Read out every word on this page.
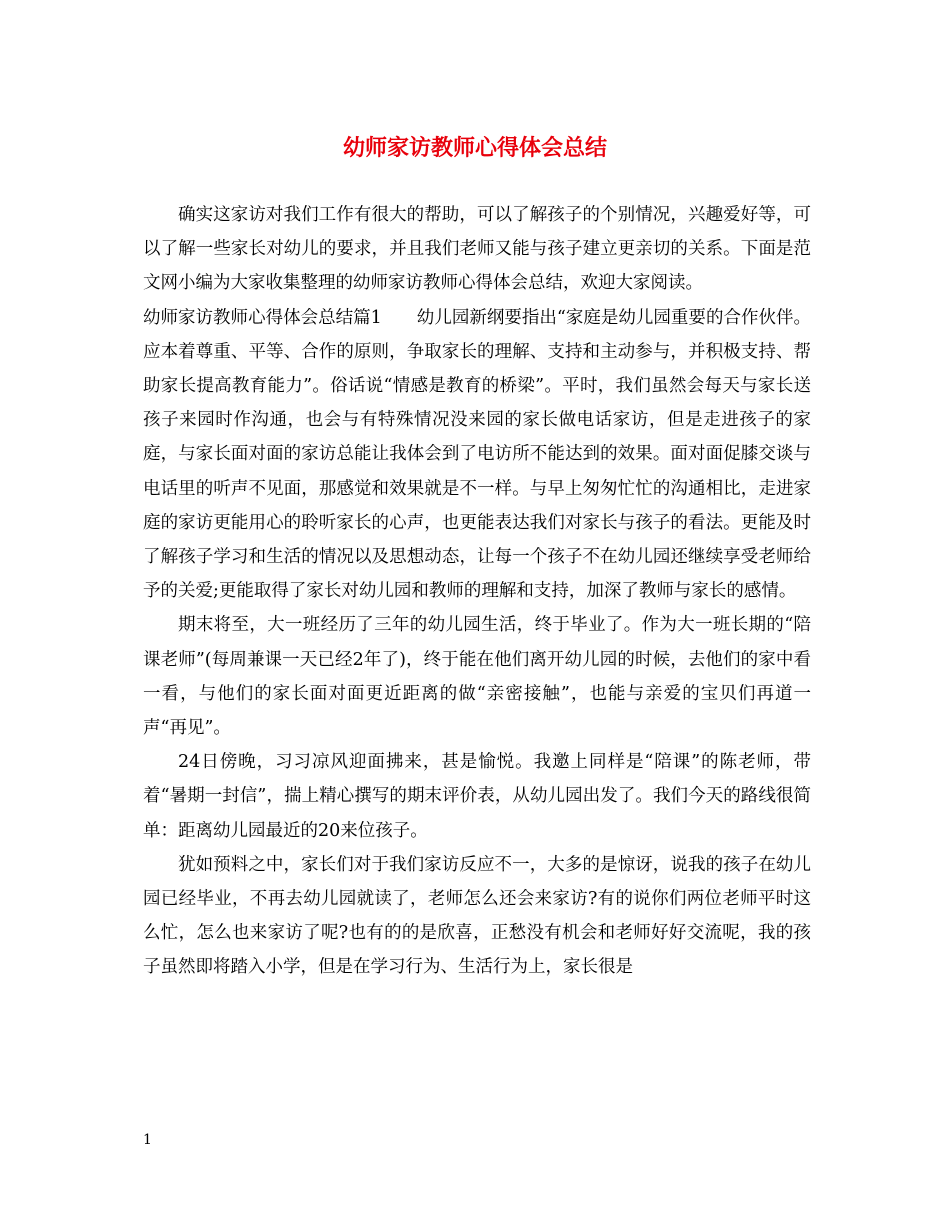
幼师家访教师心得体会总结

确实这家访对我们工作有很大的帮助，可以了解孩子的个别情况，兴趣爱好等，可以了解一些家长对幼儿的要求，并且我们老师又能与孩子建立更亲切的关系。下面是范文网小编为大家收集整理的幼师家访教师心得体会总结，欢迎大家阅读。

幼师家访教师心得体会总结篇1　　幼儿园新纲要指出“家庭是幼儿园重要的合作伙伴。应本着尊重、平等、合作的原则，争取家长的理解、支持和主动参与，并积极支持、帮助家长提高教育能力”。俗话说“情感是教育的桥梁”。平时，我们虽然会每天与家长送孩子来园时作沟通，也会与有特殊情况没来园的家长做电话家访，但是走进孩子的家庭，与家长面对面的家访总能让我体会到了电访所不能达到的效果。面对面促膝交谈与电话里的听声不见面，那感觉和效果就是不一样。与早上匆匆忙忙的沟通相比，走进家庭的家访更能用心的聆听家长的心声，也更能表达我们对家长与孩子的看法。更能及时了解孩子学习和生活的情况以及思想动态，让每一个孩子不在幼儿园还继续享受老师给予的关爱;更能取得了家长对幼儿园和教师的理解和支持，加深了教师与家长的感情。

期末将至，大一班经历了三年的幼儿园生活，终于毕业了。作为大一班长期的“陪课老师”(每周兼课一天已经2年了)，终于能在他们离开幼儿园的时候，去他们的家中看一看，与他们的家长面对面更近距离的做“亲密接触”，也能与亲爱的宝贝们再道一声“再见”。

24日傍晚，习习凉风迎面拂来，甚是愉悦。我邀上同样是“陪课”的陈老师，带着“暑期一封信”，揣上精心撰写的期末评价表，从幼儿园出发了。我们今天的路线很简单：距离幼儿园最近的20来位孩子。

犹如预料之中，家长们对于我们家访反应不一，大多的是惊讶，说我的孩子在幼儿园已经毕业，不再去幼儿园就读了，老师怎么还会来家访?有的说你们两位老师平时这么忙，怎么也来家访了呢?也有的的是欣喜，正愁没有机会和老师好好交流呢，我的孩子虽然即将踏入小学，但是在学习行为、生活行为上，家长很是

1
